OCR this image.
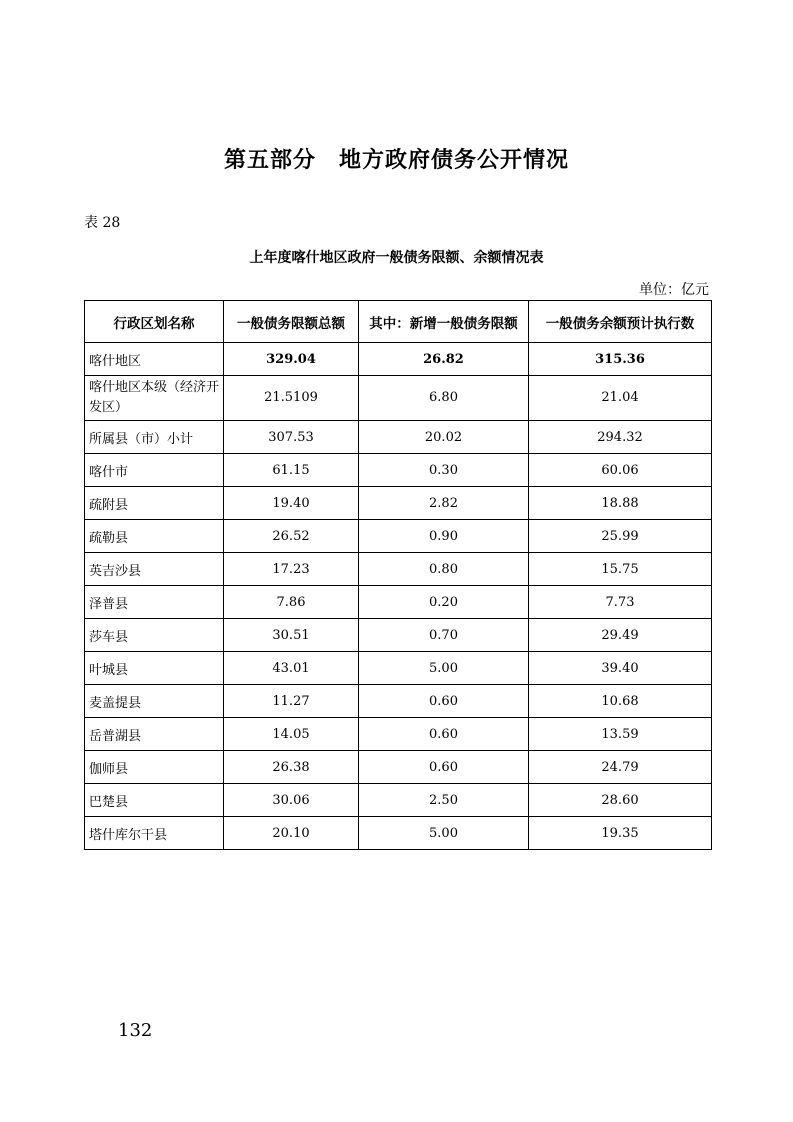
第五部分　地方政府债务公开情况
表 28
上年度喀什地区政府一般债务限额、余额情况表
单位：亿元
行政区划名称	一般债务限额总额	其中：新增一般债务限额	一般债务余额预计执行数
喀什地区	329.04	26.82	315.36
喀什地区本级（经济开发区）	21.5109	6.80	21.04
所属县（市）小计	307.53	20.02	294.32
喀什市	61.15	0.30	60.06
疏附县	19.40	2.82	18.88
疏勒县	26.52	0.90	25.99
英吉沙县	17.23	0.80	15.75
泽普县	7.86	0.20	7.73
莎车县	30.51	0.70	29.49
叶城县	43.01	5.00	39.40
麦盖提县	11.27	0.60	10.68
岳普湖县	14.05	0.60	13.59
伽师县	26.38	0.60	24.79
巴楚县	30.06	2.50	28.60
塔什库尔干县	20.10	5.00	19.35
132
